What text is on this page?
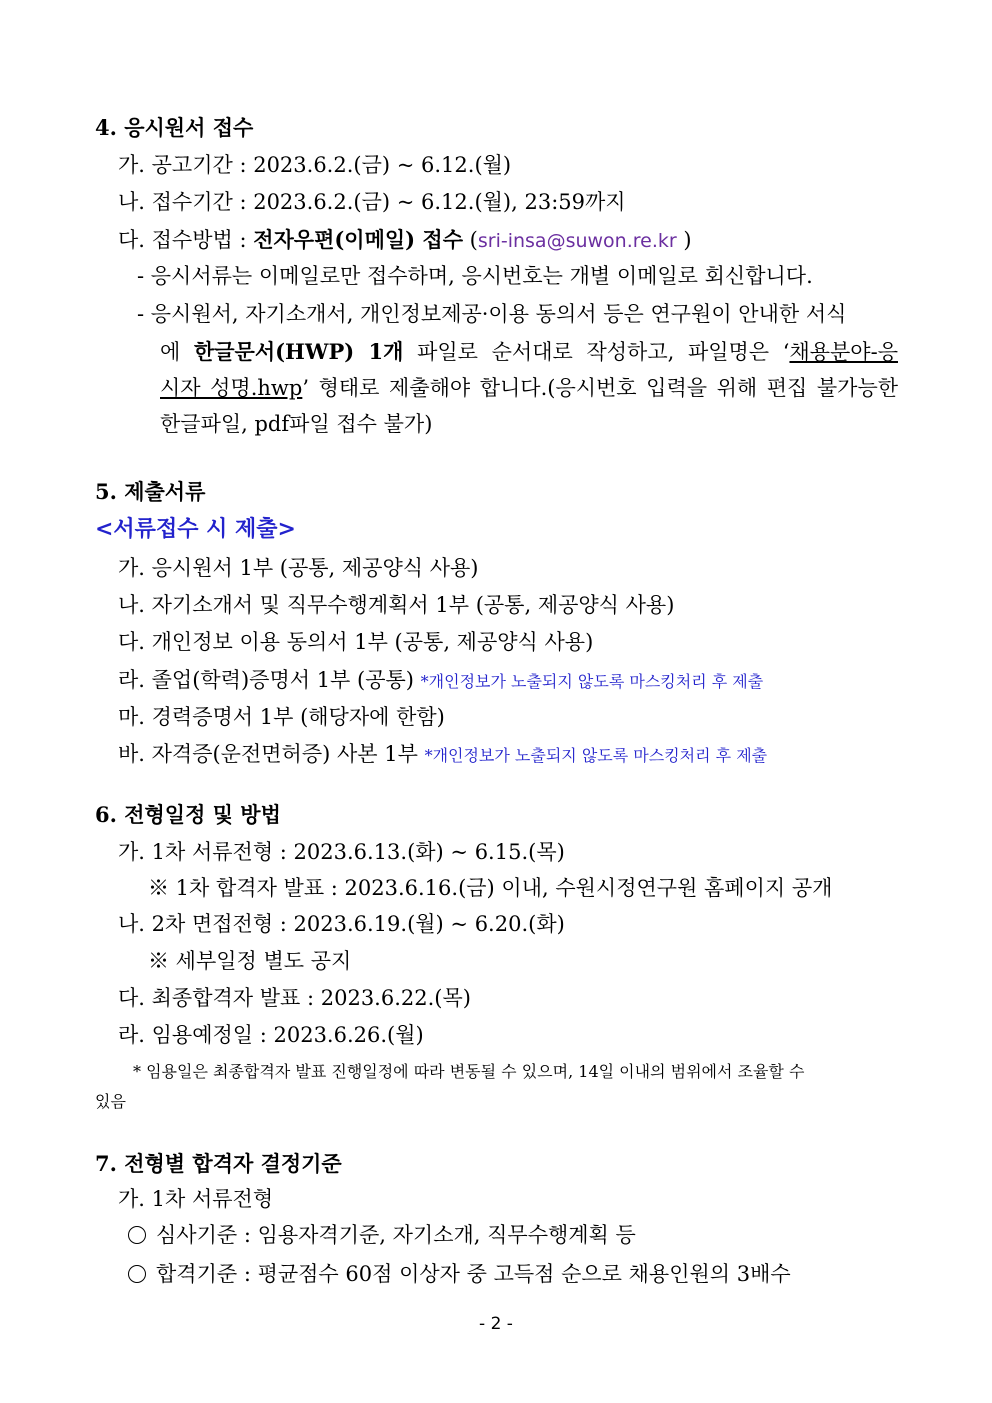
4. 응시원서 접수
가. 공고기간 : 2023.6.2.(금) ~ 6.12.(월)
나. 접수기간 : 2023.6.2.(금) ~ 6.12.(월), 23:59까지
다. 접수방법 : 전자우편(이메일) 접수 (sri-insa@suwon.re.kr )
- 응시서류는 이메일로만 접수하며, 응시번호는 개별 이메일로 회신합니다.
- 응시원서, 자기소개서, 개인정보제공·이용 동의서 등은 연구원이 안내한 서식
에 한글문서(HWP) 1개 파일로 순서대로 작성하고, 파일명은 ‘채용분야-응
시자 성명.hwp’ 형태로 제출해야 합니다.(응시번호 입력을 위해 편집 불가능한
한글파일, pdf파일 접수 불가)
5. 제출서류
<서류접수 시 제출>
가. 응시원서 1부 (공통, 제공양식 사용)
나. 자기소개서 및 직무수행계획서 1부 (공통, 제공양식 사용)
다. 개인정보 이용 동의서 1부 (공통, 제공양식 사용)
라. 졸업(학력)증명서 1부 (공통) *개인정보가 노출되지 않도록 마스킹처리 후 제출
마. 경력증명서 1부 (해당자에 한함)
바. 자격증(운전면허증) 사본 1부 *개인정보가 노출되지 않도록 마스킹처리 후 제출
6. 전형일정 및 방법
가. 1차 서류전형 : 2023.6.13.(화) ~ 6.15.(목)
※ 1차 합격자 발표 : 2023.6.16.(금) 이내, 수원시정연구원 홈페이지 공개
나. 2차 면접전형 : 2023.6.19.(월) ~ 6.20.(화)
※ 세부일정 별도 공지
다. 최종합격자 발표 : 2023.6.22.(목)
라. 임용예정일 : 2023.6.26.(월)
* 임용일은 최종합격자 발표 진행일정에 따라 변동될 수 있으며, 14일 이내의 범위에서 조율할 수
있음
7. 전형별 합격자 결정기준
가. 1차 서류전형
심사기준 : 임용자격기준, 자기소개, 직무수행계획 등
합격기준 : 평균점수 60점 이상자 중 고득점 순으로 채용인원의 3배수
- 2 -
